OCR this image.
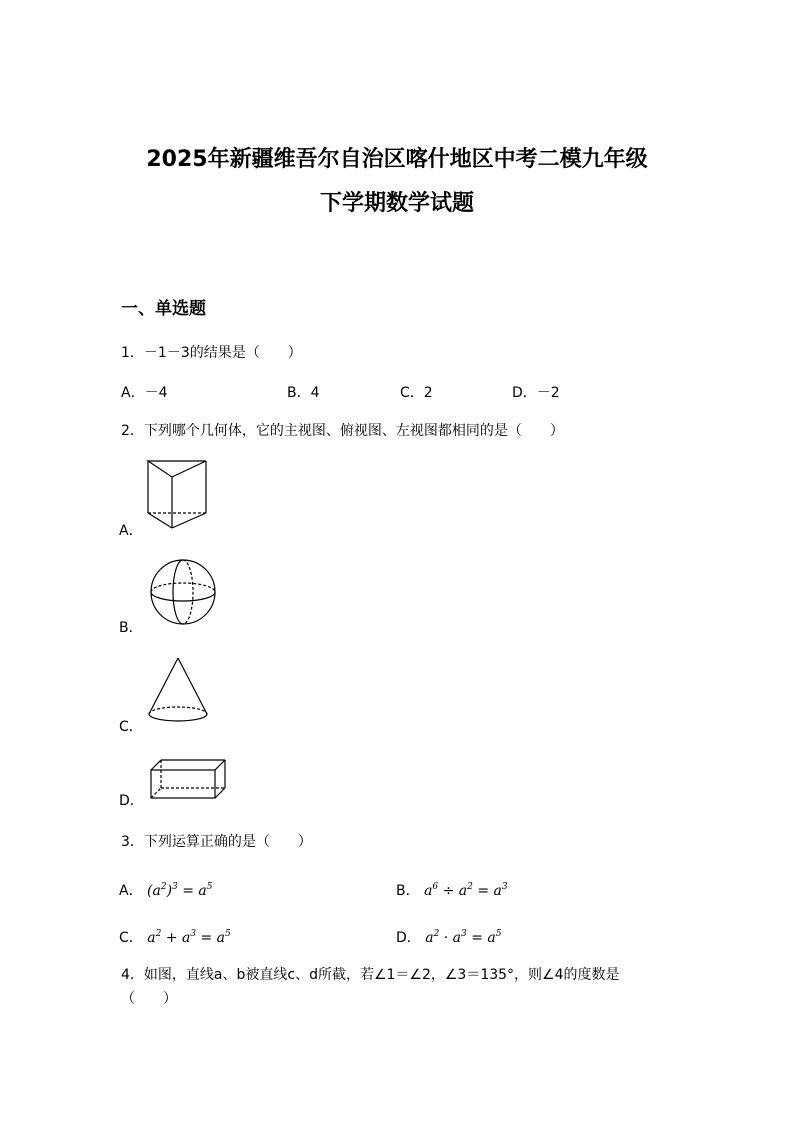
2025年新疆维吾尔自治区喀什地区中考二模九年级
下学期数学试题
一、单选题
1．－1－3的结果是（　　）
A．－4	B．4	C．2	D．－2
2．下列哪个几何体，它的主视图、俯视图、左视图都相同的是（　　）
A．
B．
C．
D．
3．下列运算正确的是（　　）
A． $(a^2)^3 = a^5$	B． $a^6 \div a^2 = a^3$
C． $a^2 + a^3 = a^5$	D． $a^2 \cdot a^3 = a^5$
4．如图，直线a、b被直线c、d所截，若∠1＝∠2，∠3＝135°，则∠4的度数是
（　　）
